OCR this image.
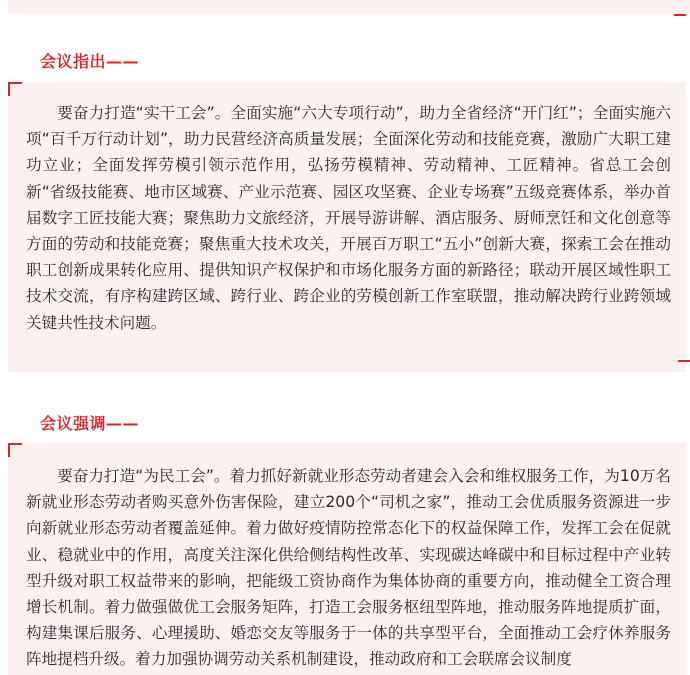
会议指出——

要奋力打造“实干工会”。全面实施“六大专项行动”，助力全省经济“开门红”；全面实施六项“百千万行动计划”，助力民营经济高质量发展；全面深化劳动和技能竞赛，激励广大职工建功立业；全面发挥劳模引领示范作用，弘扬劳模精神、劳动精神、工匠精神。省总工会创新“省级技能赛、地市区域赛、产业示范赛、园区攻坚赛、企业专场赛”五级竞赛体系，举办首届数字工匠技能大赛；聚焦助力文旅经济，开展导游讲解、酒店服务、厨师烹饪和文化创意等方面的劳动和技能竞赛；聚焦重大技术攻关，开展百万职工“五小”创新大赛，探索工会在推动职工创新成果转化应用、提供知识产权保护和市场化服务方面的新路径；联动开展区域性职工技术交流，有序构建跨区域、跨行业、跨企业的劳模创新工作室联盟，推动解决跨行业跨领域关键共性技术问题。

会议强调——

要奋力打造“为民工会”。着力抓好新就业形态劳动者建会入会和维权服务工作，为10万名新就业形态劳动者购买意外伤害保险，建立200个“司机之家”，推动工会优质服务资源进一步向新就业形态劳动者覆盖延伸。着力做好疫情防控常态化下的权益保障工作，发挥工会在促就业、稳就业中的作用，高度关注深化供给侧结构性改革、实现碳达峰碳中和目标过程中产业转型升级对职工权益带来的影响，把能级工资协商作为集体协商的重要方向，推动健全工资合理增长机制。着力做强做优工会服务矩阵，打造工会服务枢纽型阵地，推动服务阵地提质扩面，构建集课后服务、心理援助、婚恋交友等服务于一体的共享型平台，全面推动工会疗休养服务阵地提档升级。着力加强协调劳动关系机制建设，推动政府和工会联席会议制度
